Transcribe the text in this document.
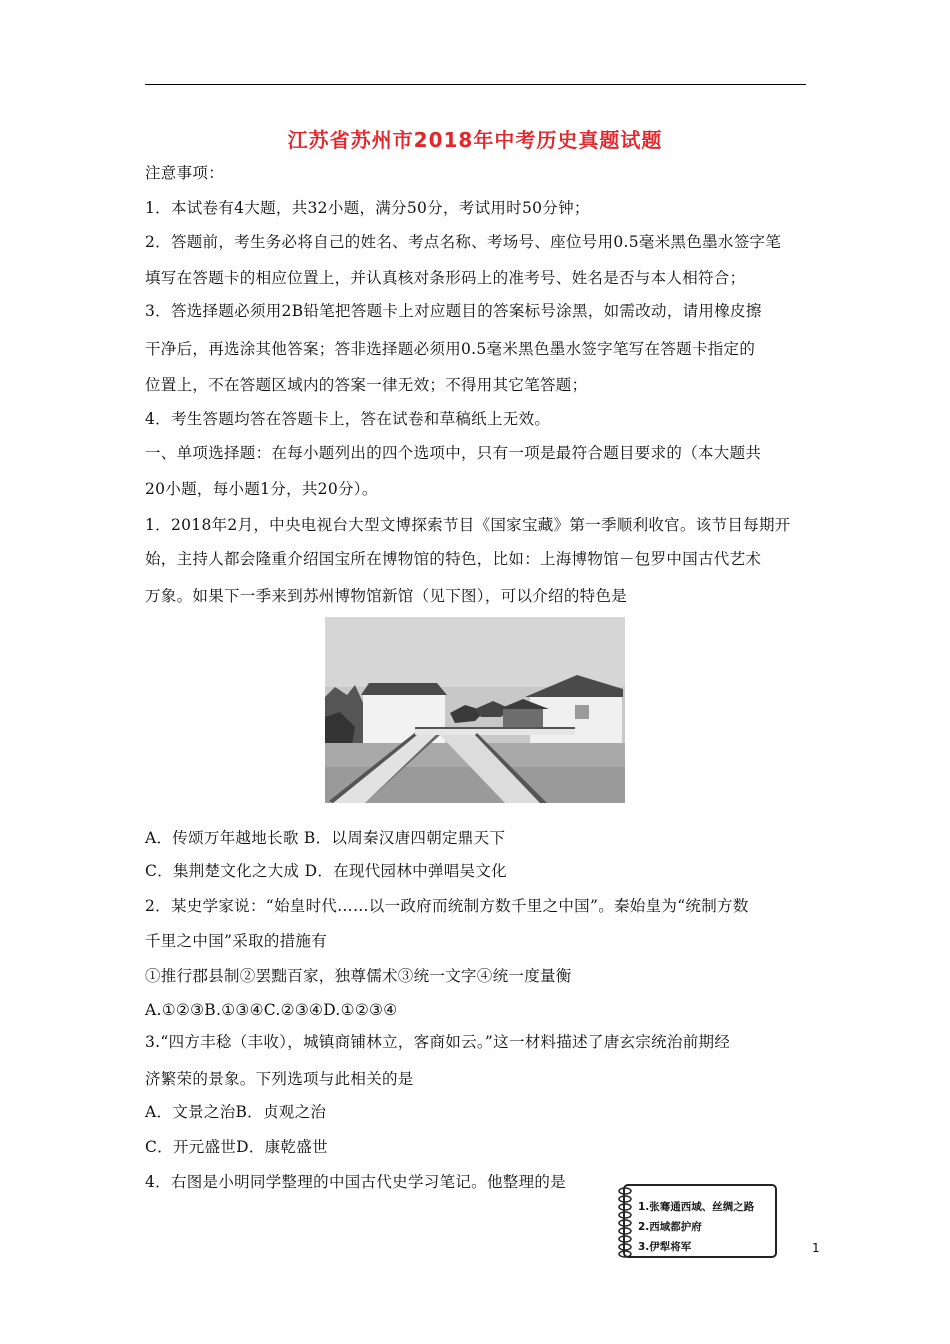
江苏省苏州市2018年中考历史真题试题
注意事项：
1．本试卷有4大题，共32小题，满分50分，考试用时50分钟；
2．答题前，考生务必将自己的姓名、考点名称、考场号、座位号用0.5毫米黑色墨水签字笔
填写在答题卡的相应位置上，并认真核对条形码上的准考号、姓名是否与本人相符合；
3．答选择题必须用2B铅笔把答题卡上对应题目的答案标号涂黑，如需改动，请用橡皮擦
干净后，再选涂其他答案；答非选择题必须用0.5毫米黑色墨水签字笔写在答题卡指定的
位置上，不在答题区域内的答案一律无效；不得用其它笔答题；
4．考生答题均答在答题卡上，答在试卷和草稿纸上无效。
一、单项选择题：在每小题列出的四个选项中，只有一项是最符合题目要求的（本大题共
20小题，每小题1分，共20分）。
1．2018年2月，中央电视台大型文博探索节目《国家宝藏》第一季顺利收官。该节目每期开
始，主持人都会隆重介绍国宝所在博物馆的特色，比如：上海博物馆－包罗中国古代艺术
万象。如果下一季来到苏州博物馆新馆（见下图），可以介绍的特色是
A．传颂万年越地长歌 B．以周秦汉唐四朝定鼎天下
C．集荆楚文化之大成 D．在现代园林中弹唱吴文化
2．某史学家说：“始皇时代……以一政府而统制方数千里之中国”。秦始皇为“统制方数
千里之中国”采取的措施有
①推行郡县制②罢黜百家，独尊儒术③统一文字④统一度量衡
A.①②③B.①③④C.②③④D.①②③④
3.“四方丰稔（丰收），城镇商铺林立，客商如云。”这一材料描述了唐玄宗统治前期经
济繁荣的景象。下列选项与此相关的是
A．文景之治B．贞观之治
C．开元盛世D．康乾盛世
4．右图是小明同学整理的中国古代史学习笔记。他整理的是
1.张骞通西域、丝绸之路
2.西域都护府
3.伊犁将军	1
